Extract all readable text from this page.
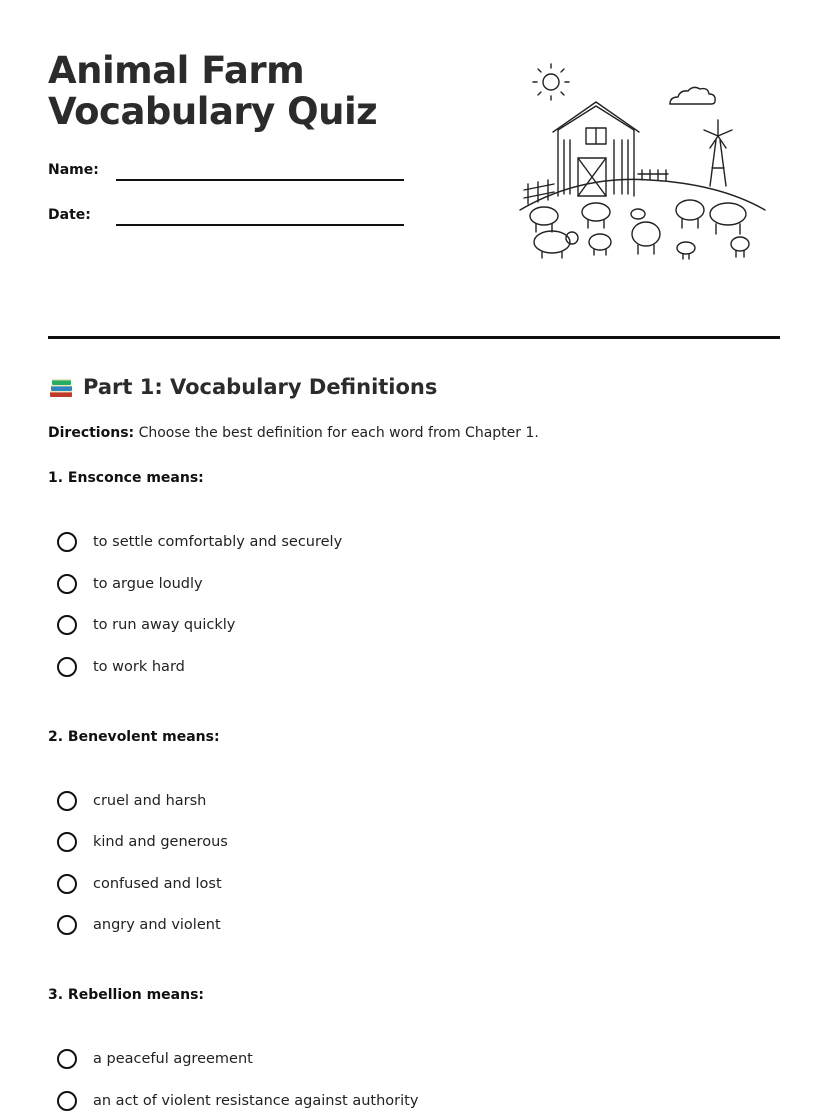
Animal Farm Vocabulary Quiz
Name:
Date:
Part 1: Vocabulary Definitions
Directions: Choose the best definition for each word from Chapter 1.
1. Ensconce means:
to settle comfortably and securely
to argue loudly
to run away quickly
to work hard
2. Benevolent means:
cruel and harsh
kind and generous
confused and lost
angry and violent
3. Rebellion means:
a peaceful agreement
an act of violent resistance against authority
